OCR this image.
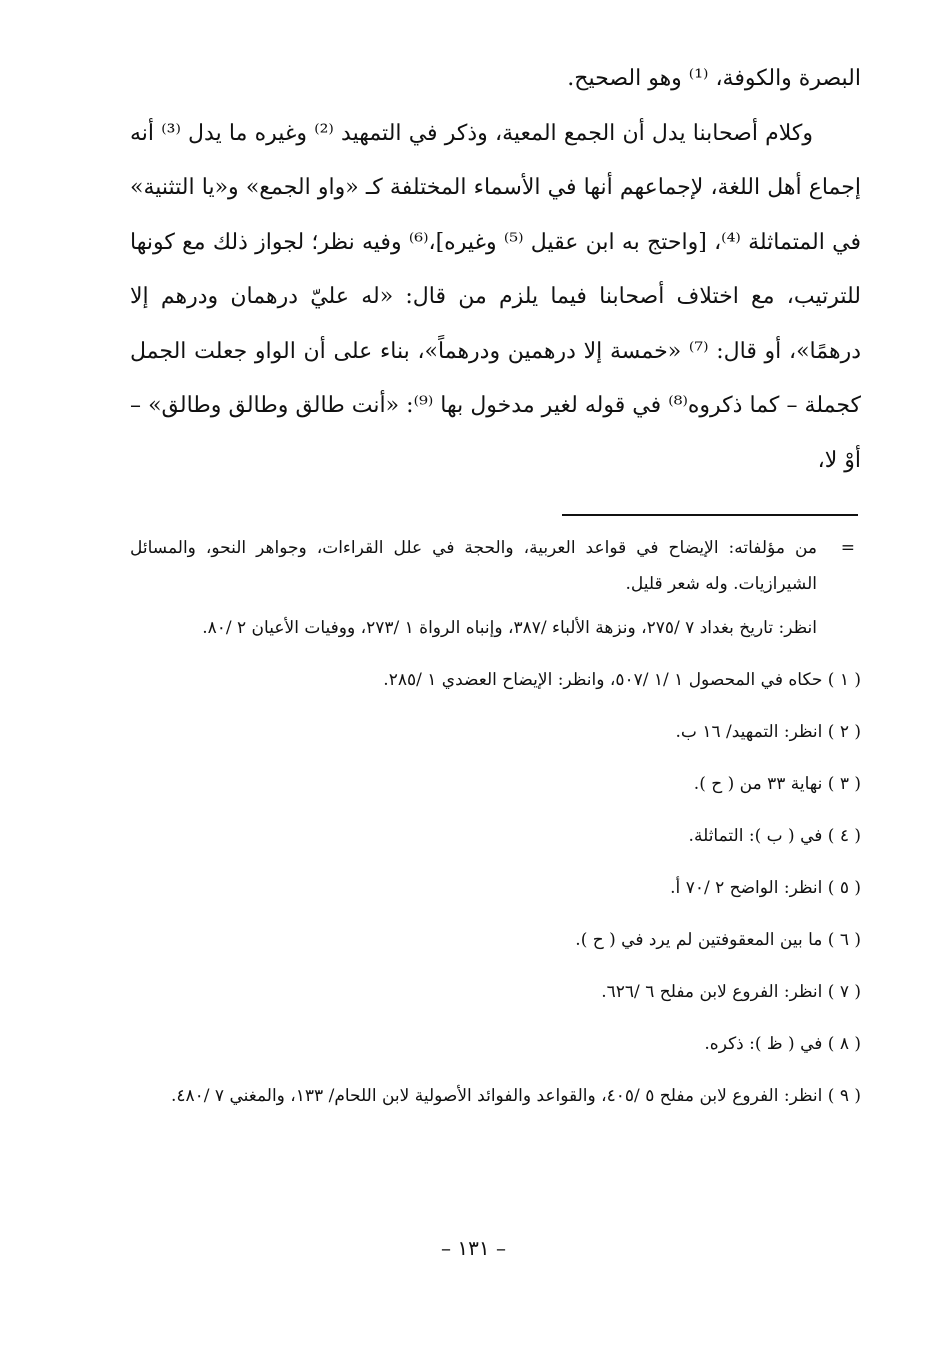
البصرة والكوفة، ⁽¹⁾ وهو الصحيح.

وكلام أصحابنا يدل أن الجمع المعية، وذكر في التمهيد ⁽²⁾ وغيره ما يدل ⁽³⁾ أنه إجماع أهل اللغة، لإجماعهم أنها في الأسماء المختلفة كـ «واو الجمع» و«يا التثنية» في المتماثلة ⁽⁴⁾، [واحتج به ابن عقيل ⁽⁵⁾ وغيره]،⁽⁶⁾ وفيه نظر؛ لجواز ذلك مع كونها للترتيب، مع اختلاف أصحابنا فيما يلزم من قال: «له عليّ درهمان ودرهم إلا درهمًا»، أو قال: ⁽⁷⁾ «خمسة إلا درهمين ودرهماً»، بناء على أن الواو جعلت الجمل كجملة – كما ذكروه⁽⁸⁾ في قوله لغير مدخول بها ⁽⁹⁾: «أنت طالق وطالق وطالق» – أوْ لا،

=
من مؤلفاته: الإيضاح في قواعد العربية، والحجة في علل القراءات، وجواهر النحو، والمسائل الشيرازيات. وله شعر قليل.

انظر: تاريخ بغداد ٧ /٢٧٥، ونزهة الألباء /٣٨٧، وإنباه الرواة ١ /٢٧٣، ووفيات الأعيان ٢ /٨٠.

( ١ ) حكاه في المحصول ١ /١ /٥٠٧، وانظر: الإيضاح العضدي ١ /٢٨٥.

( ٢ ) انظر: التمهيد/ ١٦ ب.

( ٣ ) نهاية ٣٣ من ( ح ).

( ٤ ) في ( ب ): التماثلة.

( ٥ ) انظر: الواضح ٢ /٧٠ أ.

( ٦ ) ما بين المعقوفتين لم يرد في ( ح ).

( ٧ ) انظر: الفروع لابن مفلح ٦ /٦٢٦.

( ٨ ) في ( ظ ): ذكره.

( ٩ ) انظر: الفروع لابن مفلح ٥ /٤٠٥، والقواعد والفوائد الأصولية لابن اللحام/ ١٣٣، والمغني ٧ /٤٨٠.

– ١٣١ –
